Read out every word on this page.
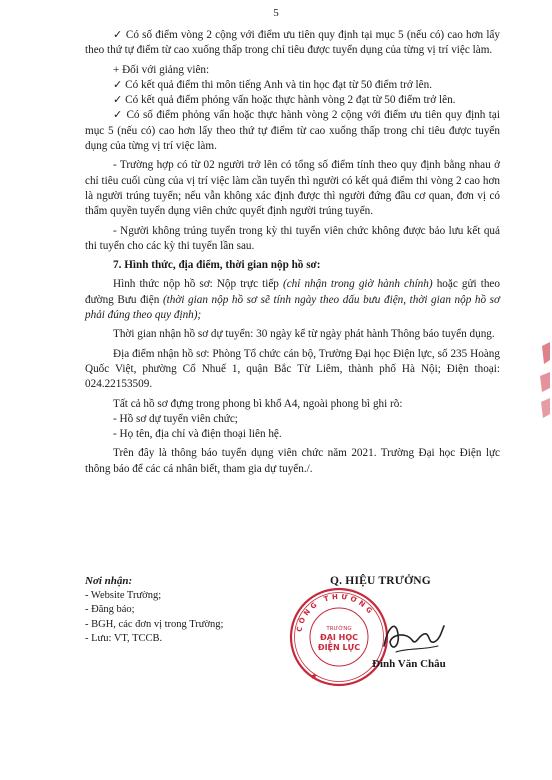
5

✓ Có số điểm vòng 2 cộng với điểm ưu tiên quy định tại mục 5 (nếu có) cao hơn lấy theo thứ tự điểm từ cao xuống thấp trong chỉ tiêu được tuyển dụng của từng vị trí việc làm.

+ Đối với giảng viên:

✓ Có kết quả điểm thi môn tiếng Anh và tin học đạt từ 50 điểm trở lên.

✓ Có kết quả điểm phỏng vấn hoặc thực hành vòng 2 đạt từ 50 điểm trở lên.

✓ Có số điểm phỏng vấn hoặc thực hành vòng 2 cộng với điểm ưu tiên quy định tại mục 5 (nếu có) cao hơn lấy theo thứ tự điểm từ cao xuống thấp trong chỉ tiêu được tuyển dụng của từng vị trí việc làm.

- Trường hợp có từ 02 người trở lên có tổng số điểm tính theo quy định bằng nhau ở chỉ tiêu cuối cùng của vị trí việc làm cần tuyển thì người có kết quả điểm thi vòng 2 cao hơn là người trúng tuyển; nếu vẫn không xác định được thì người đứng đầu cơ quan, đơn vị có thẩm quyền tuyển dụng viên chức quyết định người trúng tuyển.

- Người không trúng tuyển trong kỳ thi tuyển viên chức không được bảo lưu kết quả thi tuyển cho các kỳ thi tuyển lần sau.

7. Hình thức, địa điểm, thời gian nộp hồ sơ:

Hình thức nộp hồ sơ: Nộp trực tiếp (chỉ nhận trong giờ hành chính) hoặc gửi theo đường Bưu điện (thời gian nộp hồ sơ sẽ tính ngày theo dấu bưu điện, thời gian nộp hồ sơ phải đúng theo quy định);

Thời gian nhận hồ sơ dự tuyển: 30 ngày kể từ ngày phát hành Thông báo tuyển dụng.

Địa điểm nhận hồ sơ: Phòng Tổ chức cán bộ, Trường Đại học Điện lực, số 235 Hoàng Quốc Việt, phường Cổ Nhuế 1, quận Bắc Từ Liêm, thành phố Hà Nội; Điện thoại: 024.22153509.

Tất cả hồ sơ đựng trong phong bì khổ A4, ngoài phong bì ghi rõ:

- Hồ sơ dự tuyển viên chức;

- Họ tên, địa chỉ và điện thoại liên hệ.

Trên đây là thông báo tuyển dụng viên chức năm 2021. Trường Đại học Điện lực thông báo để các cá nhân biết, tham gia dự tuyển./.

Nơi nhận:
- Website Trường;
- Đăng báo;
- BGH, các đơn vị trong Trường;
- Lưu: VT, TCCB.
CÔNG THƯƠNG
TRƯỜNG
ĐẠI HỌC
ĐIỆN LỰC
★
Q. HIỆU TRƯỞNG
Đinh Văn Châu
